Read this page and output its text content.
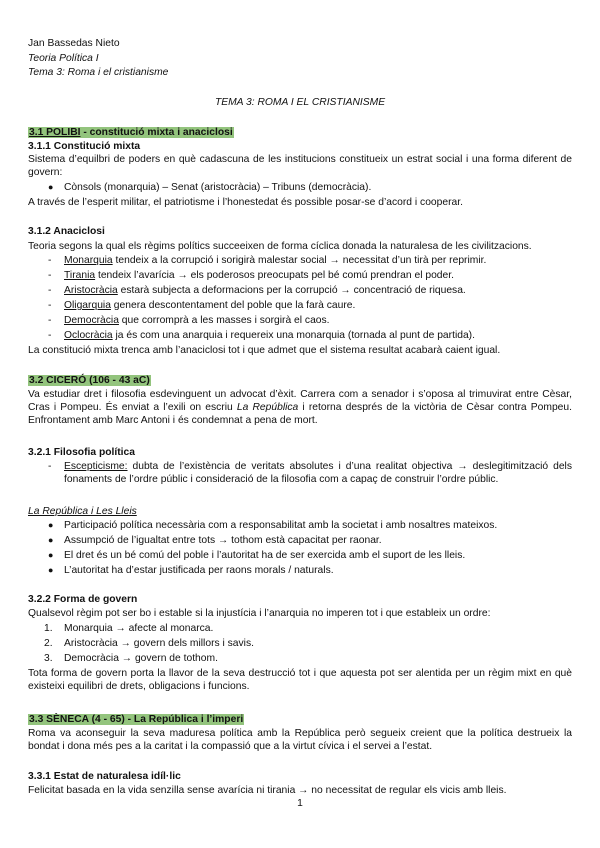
Jan Bassedas Nieto
Teoria Política I
Tema 3: Roma i el cristianisme
TEMA 3: ROMA I EL CRISTIANISME
3.1 POLIBI - constitució mixta i anaciclosi
3.1.1 Constitució mixta
Sistema d’equilbri de poders en què cadascuna de les institucions constitueix un estrat social i una forma diferent de govern:
● Cònsols (monarquia) – Senat (aristocràcia) – Tribuns (democràcia).
A través de l’esperit militar, el patriotisme i l’honestedat és possible posar-se d’acord i cooperar.
3.1.2 Anaciclosi
Teoria segons la qual els règims polítics succeeixen de forma cíclica donada la naturalesa de les civilitzacions.
- Monarquia tendeix a la corrupció i sorigirà malestar social → necessitat d’un tirà per reprimir.
- Tirania tendeix l’avarícia → els poderosos preocupats pel bé comú prendran el poder.
- Aristocràcia estarà subjecta a deformacions per la corrupció → concentració de riquesa.
- Oligarquia genera descontentament del poble que la farà caure.
- Democràcia que corromprà a les masses i sorgirà el caos.
- Oclocràcia ja és com una anarquia i requereix una monarquia (tornada al punt de partida).
La constitució mixta trenca amb l’anaciclosi tot i que admet que el sistema resultat acabarà caient igual.
3.2 CICERÓ (106 - 43 aC)
Va estudiar dret i filosofia esdevinguent un advocat d’èxit. Carrera com a senador i s’oposa al trimuvirat entre Cèsar, Cras i Pompeu. És enviat a l’exili on escriu La República i retorna després de la victòria de Cèsar contra Pompeu. Enfrontament amb Marc Antoni i és condemnat a pena de mort.
3.2.1 Filosofia política
- Escepticisme: dubta de l’existència de veritats absolutes i d’una realitat objectiva → deslegitimització dels fonaments de l’ordre públic i consideració de la filosofia com a capaç de construir l’ordre públic.
La República i Les Lleis
● Participació política necessària com a responsabilitat amb la societat i amb nosaltres mateixos.
● Assumpció de l’igualtat entre tots → tothom està capacitat per raonar.
● El dret és un bé comú del poble i l’autoritat ha de ser exercida amb el suport de les lleis.
● L’autoritat ha d’estar justificada per raons morals / naturals.
3.2.2 Forma de govern
Qualsevol règim pot ser bo i estable si la injustícia i l’anarquia no imperen tot i que estableix un ordre:
1. Monarquia → afecte al monarca.
2. Aristocràcia → govern dels millors i savis.
3. Democràcia → govern de tothom.
Tota forma de govern porta la llavor de la seva destrucció tot i que aquesta pot ser alentida per un règim mixt en què existeixi equilibri de drets, obligacions i funcions.
3.3 SÈNECA (4 - 65) - La República i l’imperi
Roma va aconseguir la seva maduresa política amb la República però segueix creient que la política destrueix la bondat i dona més pes a la caritat i la compassió que a la virtut cívica i el servei a l’estat.
3.3.1 Estat de naturalesa idíl·lic
Felicitat basada en la vida senzilla sense avarícia ni tirania → no necessitat de regular els vicis amb lleis.
1
